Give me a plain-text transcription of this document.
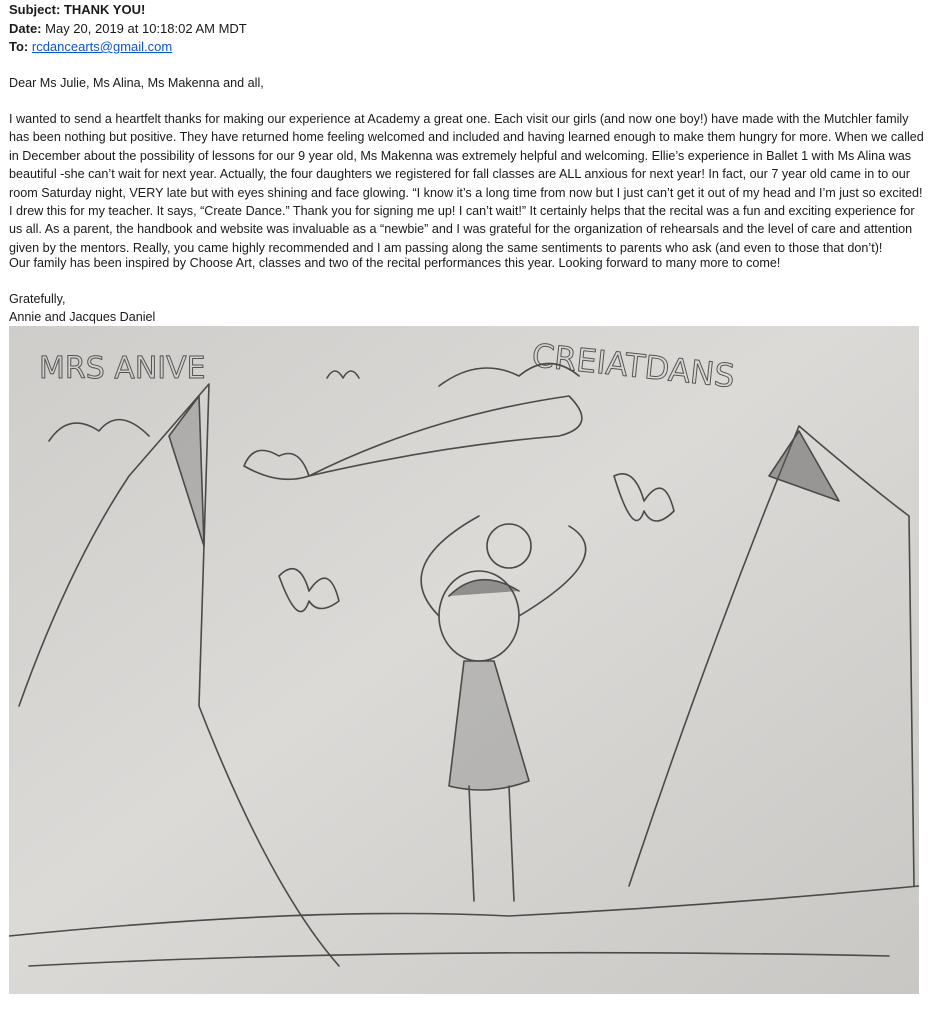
Subject: THANK YOU!
Date: May 20, 2019 at 10:18:02 AM MDT
To: rcdancearts@gmail.com

Dear Ms Julie, Ms Alina, Ms Makenna and all,

I wanted to send a heartfelt thanks for making our experience at Academy a great one. Each visit our girls (and now one boy!) have made with the Mutchler family has been nothing but positive. They have returned home feeling welcomed and included and having learned enough to make them hungry for more. When we called in December about the possibility of lessons for our 9 year old, Ms Makenna was extremely helpful and welcoming. Ellie’s experience in Ballet 1 with Ms Alina was beautiful -she can’t wait for next year. Actually, the four daughters we registered for fall classes are ALL anxious for next year! In fact, our 7 year old came in to our room Saturday night, VERY late but with eyes shining and face glowing. “I know it’s a long time from now but I just can’t get it out of my head and I’m just so excited! I drew this for my teacher. It says, “Create Dance.” Thank you for signing me up! I can’t wait!” It certainly helps that the recital was a fun and exciting experience for us all. As a parent, the handbook and website was invaluable as a “newbie” and I was grateful for the organization of rehearsals and the level of care and attention given by the mentors. Really, you came highly recommended and I am passing along the same sentiments to parents who ask (and even to those that don’t)!

Our family has been inspired by Choose Art, classes and two of the recital performances this year. Looking forward to many more to come!

Gratefully,

Annie and Jacques Daniel

MRS ANIVE	CREIATDANS
